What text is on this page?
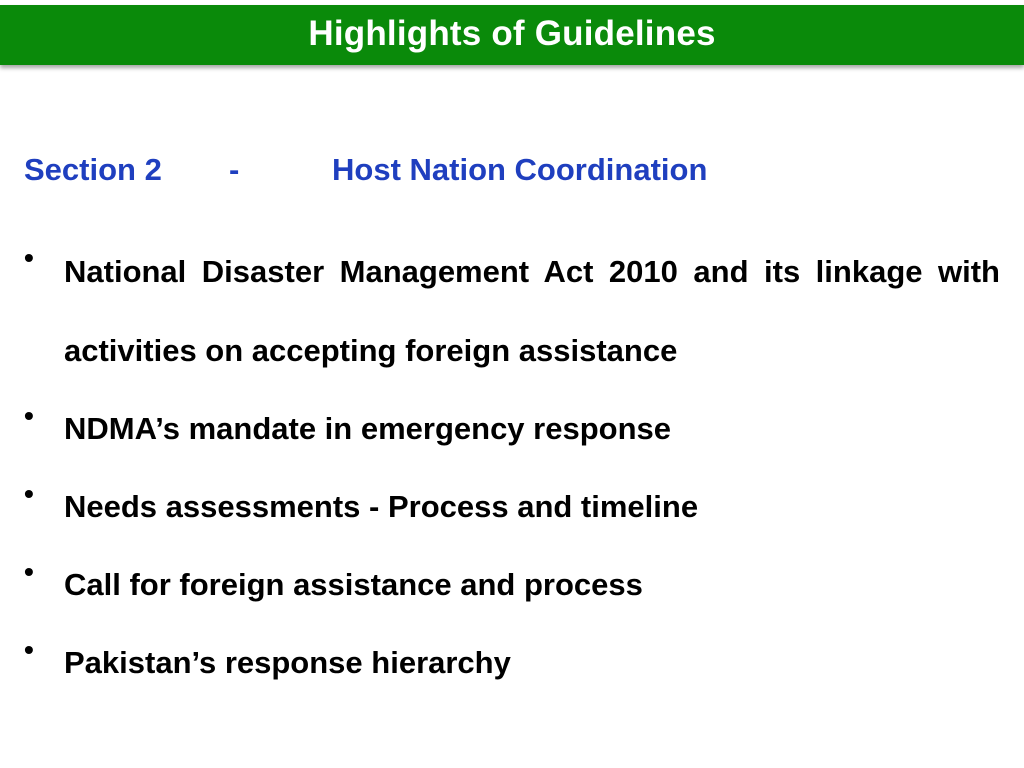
Highlights of Guidelines
Section 2 -	Host Nation Coordination
• National Disaster Management Act 2010 and its linkage with activities on accepting foreign assistance
• NDMA’s mandate in emergency response
• Needs assessments - Process and timeline
• Call for foreign assistance and process
• Pakistan’s response hierarchy
